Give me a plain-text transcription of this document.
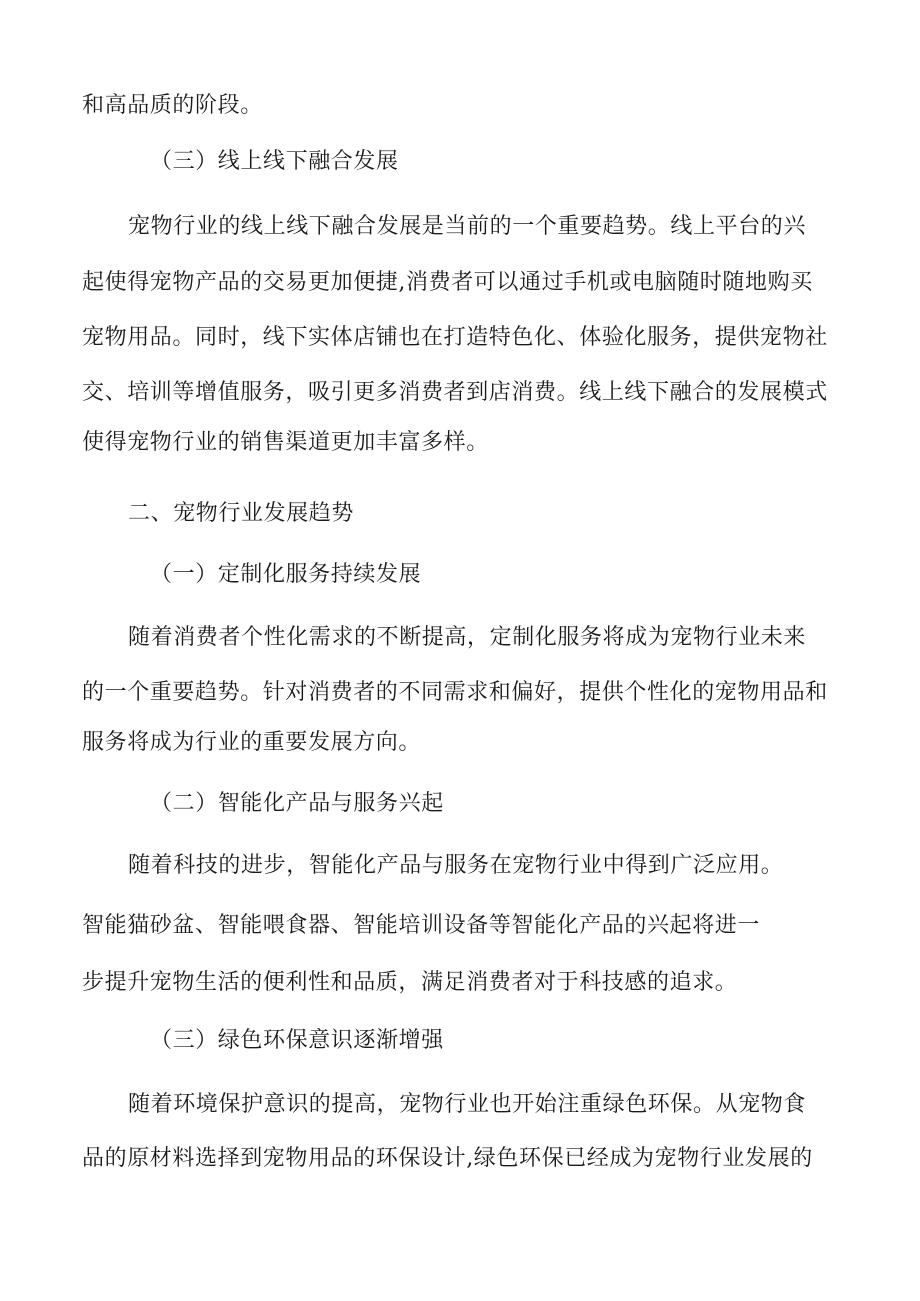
和高品质的阶段。
（三）线上线下融合发展
宠物行业的线上线下融合发展是当前的一个重要趋势。线上平台的兴
起使得宠物产品的交易更加便捷,消费者可以通过手机或电脑随时随地购买
宠物用品。同时，线下实体店铺也在打造特色化、体验化服务，提供宠物社
交、培训等增值服务，吸引更多消费者到店消费。线上线下融合的发展模式
使得宠物行业的销售渠道更加丰富多样。
二、宠物行业发展趋势
（一）定制化服务持续发展
随着消费者个性化需求的不断提高，定制化服务将成为宠物行业未来
的一个重要趋势。针对消费者的不同需求和偏好，提供个性化的宠物用品和
服务将成为行业的重要发展方向。
（二）智能化产品与服务兴起
随着科技的进步，智能化产品与服务在宠物行业中得到广泛应用。
智能猫砂盆、智能喂食器、智能培训设备等智能化产品的兴起将进一
步提升宠物生活的便利性和品质，满足消费者对于科技感的追求。
（三）绿色环保意识逐渐增强
随着环境保护意识的提高，宠物行业也开始注重绿色环保。从宠物食
品的原材料选择到宠物用品的环保设计,绿色环保已经成为宠物行业发展的
